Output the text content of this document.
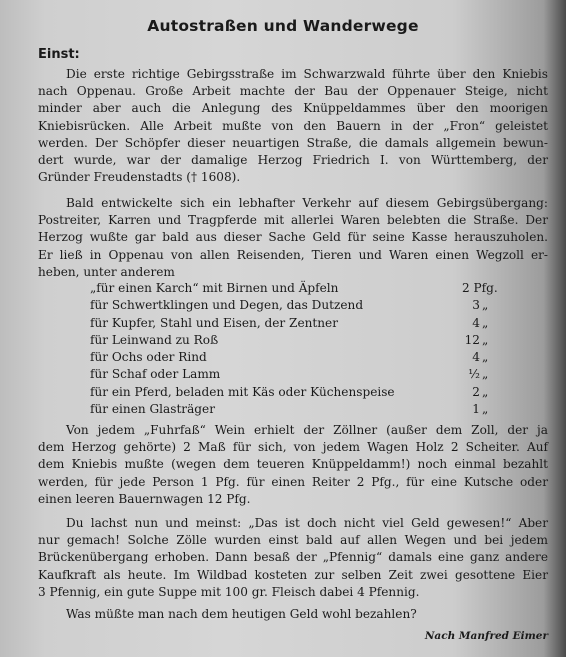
Autostraßen und Wanderwege
Einst:
Die erste richtige Gebirgsstraße im Schwarzwald führte über den Kniebis
nach Oppenau. Große Arbeit machte der Bau der Oppenauer Steige, nicht
minder aber auch die Anlegung des Knüppeldammes über den moorigen
Kniebisrücken. Alle Arbeit mußte von den Bauern in der „Fron“ geleistet
werden. Der Schöpfer dieser neuartigen Straße, die damals allgemein bewun-
dert wurde, war der damalige Herzog Friedrich I. von Württemberg, der
Gründer Freudenstadts († 1608).
Bald entwickelte sich ein lebhafter Verkehr auf diesem Gebirgsübergang:
Postreiter, Karren und Tragpferde mit allerlei Waren belebten die Straße. Der
Herzog wußte gar bald aus dieser Sache Geld für seine Kasse herauszuholen.
Er ließ in Oppenau von allen Reisenden, Tieren und Waren einen Wegzoll er-
heben, unter anderem
„für einen Karch“ mit Birnen und Äpfeln	2 Pfg.
für Schwertklingen und Degen, das Dutzend	3 „
für Kupfer, Stahl und Eisen, der Zentner	4 „
für Leinwand zu Roß	12 „
für Ochs oder Rind	4 „
für Schaf oder Lamm	½ „
für ein Pferd, beladen mit Käs oder Küchenspeise	2 „
für einen Glasträger	1 „
Von jedem „Fuhrfaß“ Wein erhielt der Zöllner (außer dem Zoll, der ja
dem Herzog gehörte) 2 Maß für sich, von jedem Wagen Holz 2 Scheiter. Auf
dem Kniebis mußte (wegen dem teueren Knüppeldamm!) noch einmal bezahlt
werden, für jede Person 1 Pfg. für einen Reiter 2 Pfg., für eine Kutsche oder
einen leeren Bauernwagen 12 Pfg.
Du lachst nun und meinst: „Das ist doch nicht viel Geld gewesen!“ Aber
nur gemach! Solche Zölle wurden einst bald auf allen Wegen und bei jedem
Brückenübergang erhoben. Dann besaß der „Pfennig“ damals eine ganz andere
Kaufkraft als heute. Im Wildbad kosteten zur selben Zeit zwei gesottene Eier
3 Pfennig, ein gute Suppe mit 100 gr. Fleisch dabei 4 Pfennig.
Was müßte man nach dem heutigen Geld wohl bezahlen?
Nach Manfred Eimer
